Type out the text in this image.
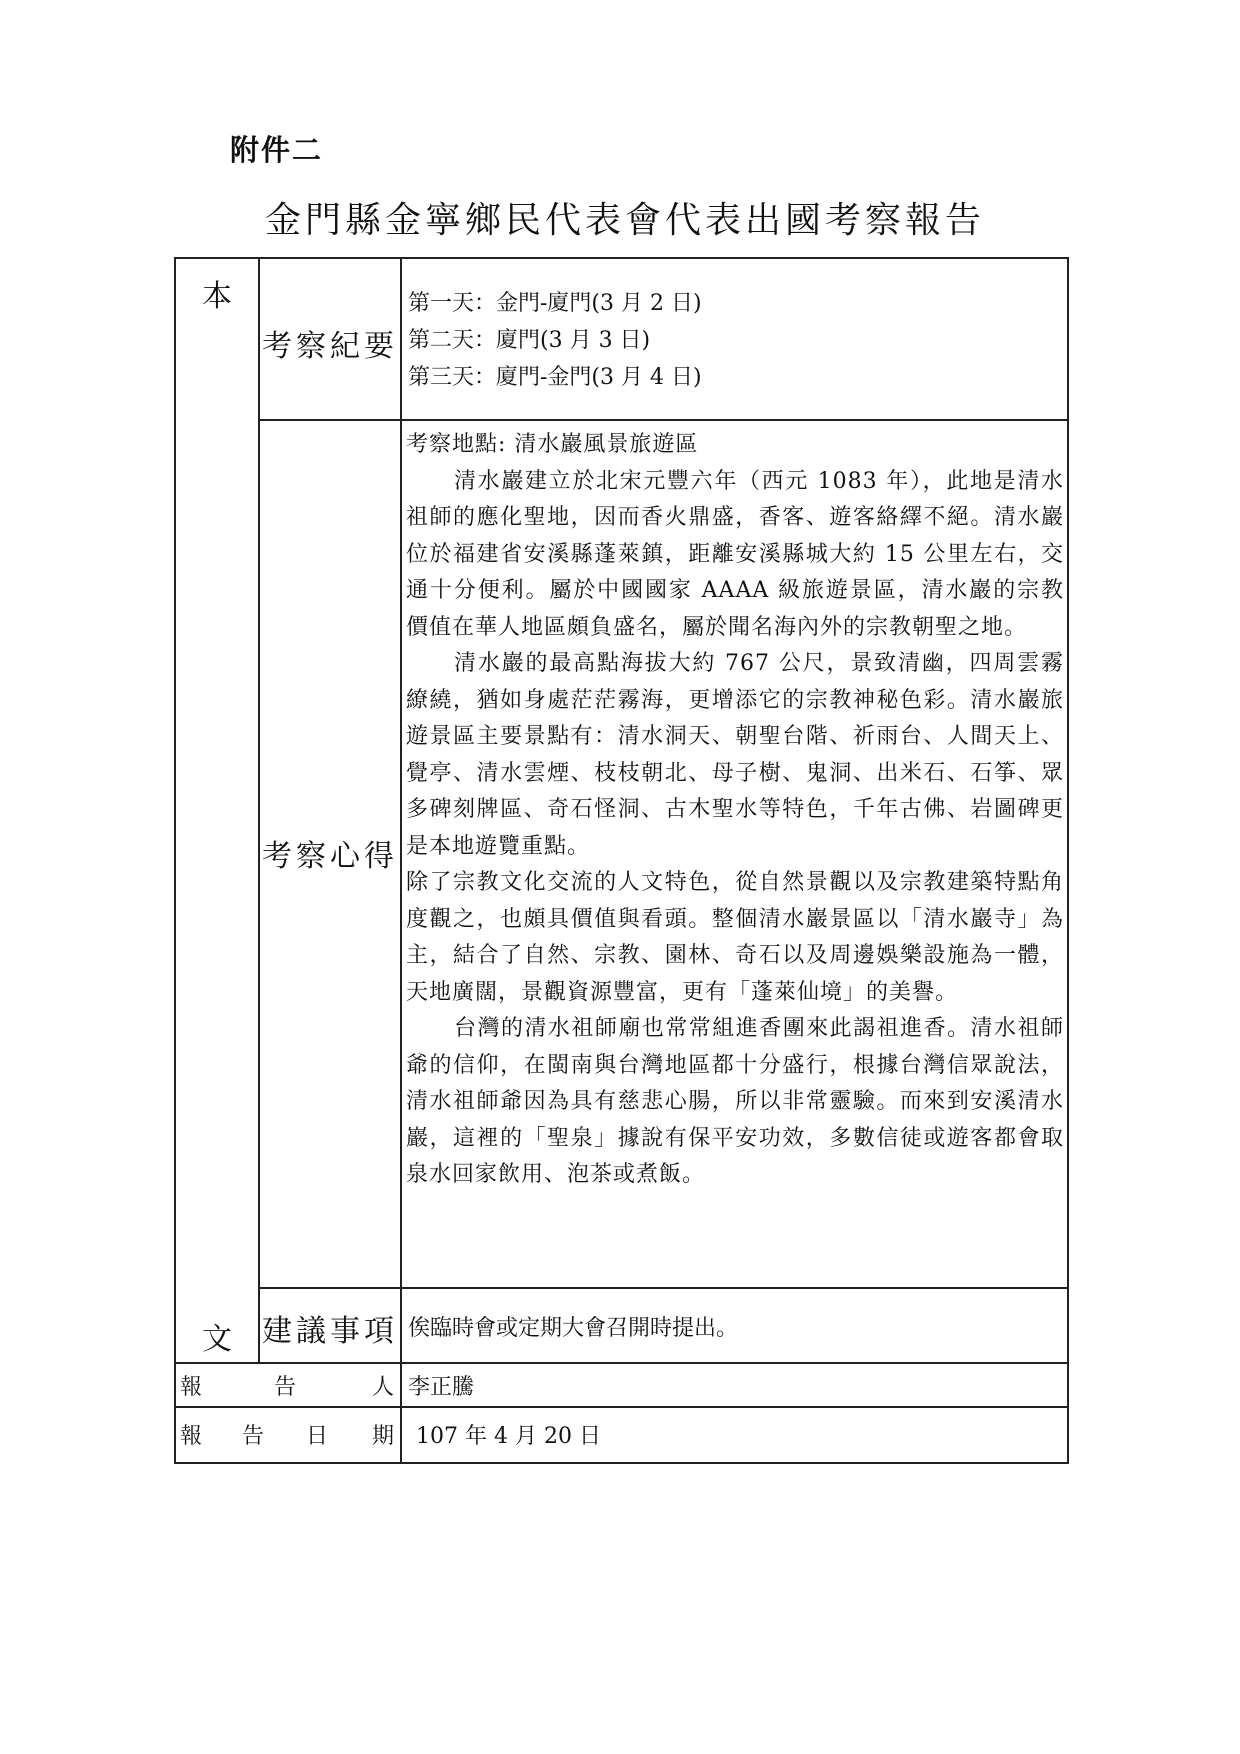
附件二
金門縣金寧鄉民代表會代表出國考察報告
本
文
考察紀要
第一天：金門-廈門(3 月 2 日)
第二天：廈門(3 月 3 日)
第三天：廈門-金門(3 月 4 日)
考察心得

考察地點: 清水巖風景旅遊區

清水巖建立於北宋元豐六年（西元 1083 年），此地是清水祖師的應化聖地，因而香火鼎盛，香客、遊客絡繹不絕。清水巖位於福建省安溪縣蓬萊鎮，距離安溪縣城大約 15 公里左右，交通十分便利。屬於中國國家 AAAA 級旅遊景區，清水巖的宗教價值在華人地區頗負盛名，屬於聞名海內外的宗教朝聖之地。

清水巖的最高點海拔大約 767 公尺，景致清幽，四周雲霧繚繞，猶如身處茫茫霧海，更增添它的宗教神秘色彩。清水巖旅遊景區主要景點有：清水洞天、朝聖台階、祈雨台、人間天上、覺亭、清水雲煙、枝枝朝北、母子樹、鬼洞、出米石、石筝、眾多碑刻牌區、奇石怪洞、古木聖水等特色，千年古佛、岩圖碑更是本地遊覽重點。

除了宗教文化交流的人文特色，從自然景觀以及宗教建築特點角度觀之，也頗具價值與看頭。整個清水巖景區以「清水巖寺」為主，結合了自然、宗教、園林、奇石以及周邊娛樂設施為一體，天地廣闊，景觀資源豐富，更有「蓬萊仙境」的美譽。

台灣的清水祖師廟也常常組進香團來此謁祖進香。清水祖師爺的信仰，在閩南與台灣地區都十分盛行，根據台灣信眾說法，清水祖師爺因為具有慈悲心腸，所以非常靈驗。而來到安溪清水巖，這裡的「聖泉」據說有保平安功效，多數信徒或遊客都會取泉水回家飲用、泡茶或煮飯。

建議事項 俟臨時會或定期大會召開時提出。
報	告	人 李正騰
報 告 日 期 107 年 4 月 20 日
